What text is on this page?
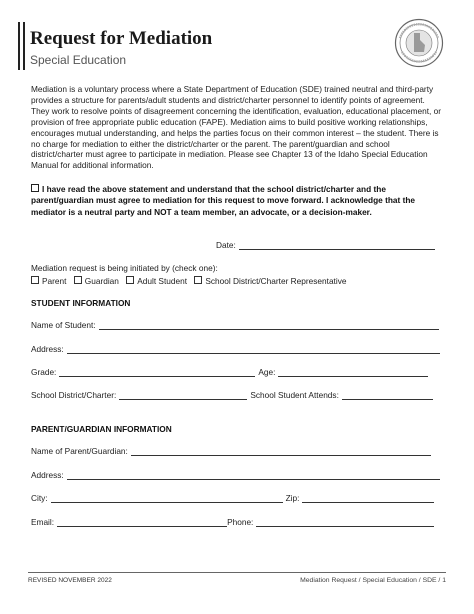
Request for Mediation
Special Education
Mediation is a voluntary process where a State Department of Education (SDE) trained neutral and third-party provides a structure for parents/adult students and district/charter personnel to identify points of agreement. They work to resolve points of disagreement concerning the identification, evaluation, educational placement, or provision of free appropriate public education (FAPE). Mediation aims to build positive working relationships, encourages mutual understanding, and helps the parties focus on their common interest – the student. There is no charge for mediation to either the district/charter or the parent. The parent/guardian and school district/charter must agree to participate in mediation. Please see Chapter 13 of the Idaho Special Education Manual for additional information.
I have read the above statement and understand that the school district/charter and the parent/guardian must agree to mediation for this request to move forward. I acknowledge that the mediator is a neutral party and NOT a team member, an advocate, or a decision-maker.
Date:
Mediation request is being initiated by (check one):
Parent Guardian Adult Student School District/Charter Representative
STUDENT INFORMATION
Name of Student:
Address:
Grade:	Age:
School District/Charter:	School Student Attends:
PARENT/GUARDIAN INFORMATION
Name of Parent/Guardian:
Address:
City:	Zip:
Email:	Phone:
REVISED NOVEMBER 2022	Mediation Request / Special Education / SDE / 1
